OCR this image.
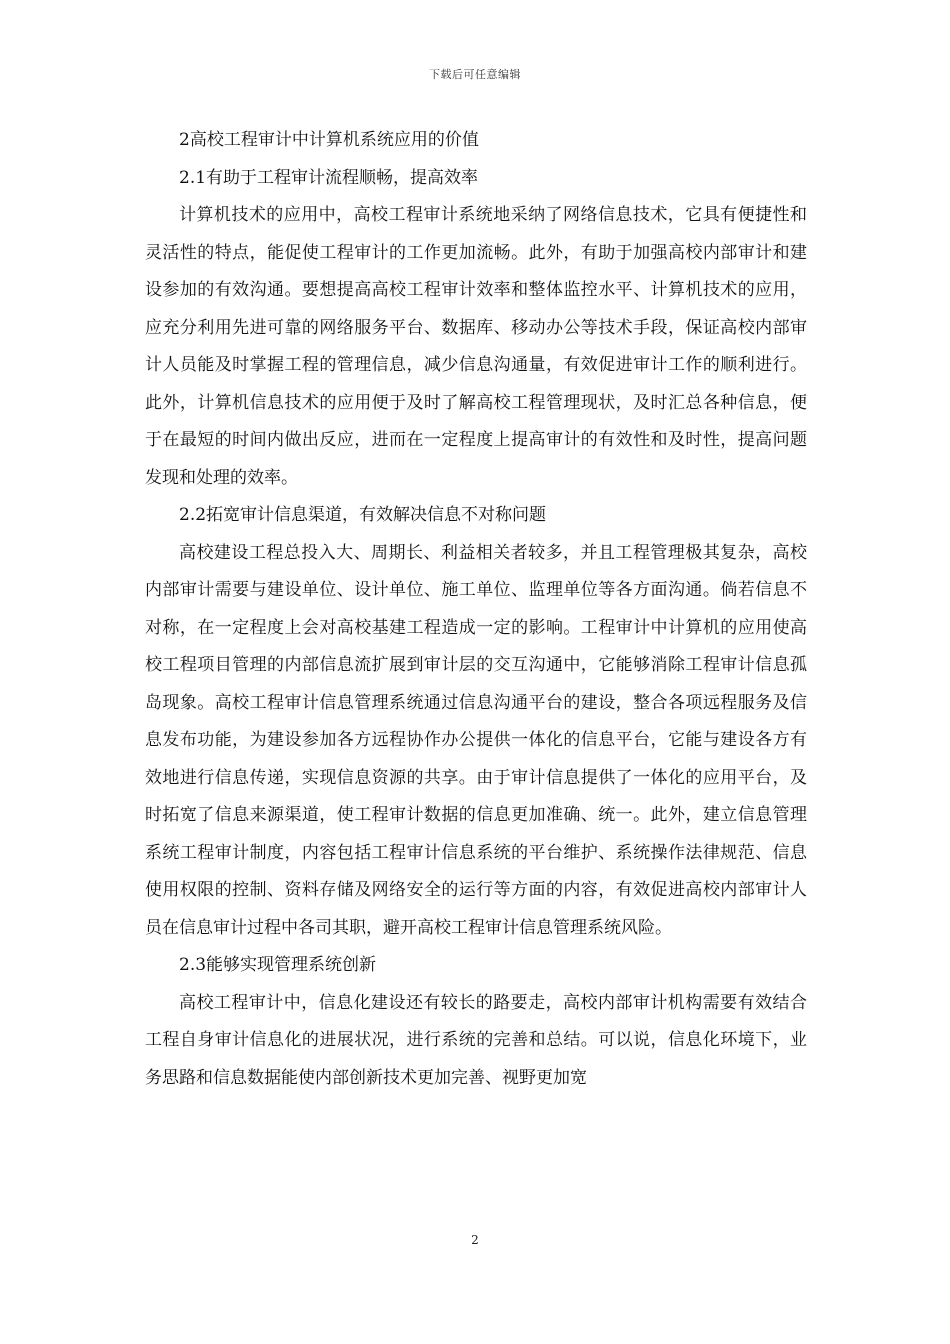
下载后可任意编辑

2高校工程审计中计算机系统应用的价值

2.1有助于工程审计流程顺畅，提高效率

计算机技术的应用中，高校工程审计系统地采纳了网络信息技术，它具有便捷性和灵活性的特点，能促使工程审计的工作更加流畅。此外，有助于加强高校内部审计和建设参加的有效沟通。要想提高高校工程审计效率和整体监控水平、计算机技术的应用，应充分利用先进可靠的网络服务平台、数据库、移动办公等技术手段，保证高校内部审计人员能及时掌握工程的管理信息，减少信息沟通量，有效促进审计工作的顺利进行。此外，计算机信息技术的应用便于及时了解高校工程管理现状，及时汇总各种信息，便于在最短的时间内做出反应，进而在一定程度上提高审计的有效性和及时性，提高问题发现和处理的效率。

2.2拓宽审计信息渠道，有效解决信息不对称问题

高校建设工程总投入大、周期长、利益相关者较多，并且工程管理极其复杂，高校内部审计需要与建设单位、设计单位、施工单位、监理单位等各方面沟通。倘若信息不对称，在一定程度上会对高校基建工程造成一定的影响。工程审计中计算机的应用使高校工程项目管理的内部信息流扩展到审计层的交互沟通中，它能够消除工程审计信息孤岛现象。高校工程审计信息管理系统通过信息沟通平台的建设，整合各项远程服务及信息发布功能，为建设参加各方远程协作办公提供一体化的信息平台，它能与建设各方有效地进行信息传递，实现信息资源的共享。由于审计信息提供了一体化的应用平台，及时拓宽了信息来源渠道，使工程审计数据的信息更加准确、统一。此外，建立信息管理系统工程审计制度，内容包括工程审计信息系统的平台维护、系统操作法律规范、信息使用权限的控制、资料存储及网络安全的运行等方面的内容，有效促进高校内部审计人员在信息审计过程中各司其职，避开高校工程审计信息管理系统风险。

2.3能够实现管理系统创新

高校工程审计中，信息化建设还有较长的路要走，高校内部审计机构需要有效结合工程自身审计信息化的进展状况，进行系统的完善和总结。可以说，信息化环境下，业务思路和信息数据能使内部创新技术更加完善、视野更加宽

2
